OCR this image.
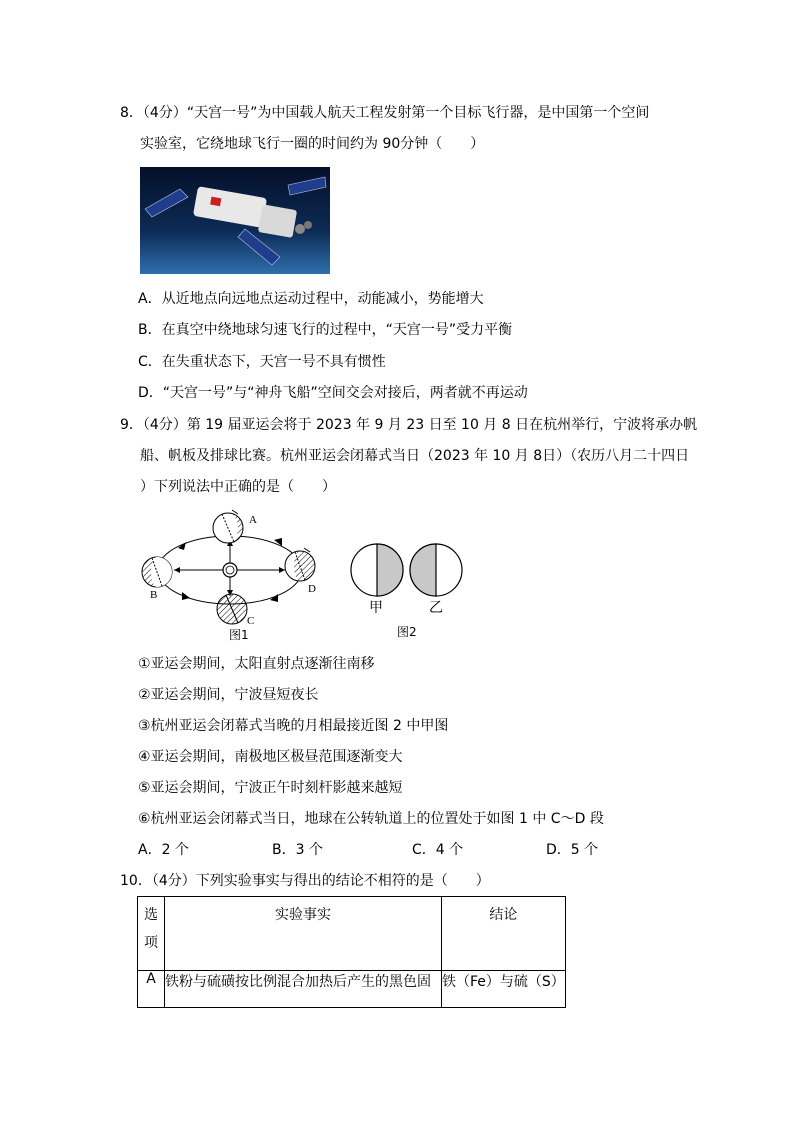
8．（4分）“天宫一号”为中国载人航天工程发射第一个目标飞行器，是中国第一个空间
实验室，它绕地球飞行一圈的时间约为 90分钟（　　）
A．从近地点向远地点运动过程中，动能减小，势能增大
B．在真空中绕地球匀速飞行的过程中，“天宫一号”受力平衡
C．在失重状态下，天宫一号不具有惯性
D．“天宫一号”与“神舟飞船”空间交会对接后，两者就不再运动
9．（4分）第 19 届亚运会将于 2023 年 9 月 23 日至 10 月 8 日在杭州举行，宁波将承办帆
船、帆板及排球比赛。杭州亚运会闭幕式当日（2023 年 10 月 8日）（农历八月二十四日
）下列说法中正确的是（　　）
A
B
C
D
图1
甲	乙
图2
①亚运会期间，太阳直射点逐渐往南移
②亚运会期间，宁波昼短夜长
③杭州亚运会闭幕式当晚的月相最接近图 2 中甲图
④亚运会期间，南极地区极昼范围逐渐变大
⑤亚运会期间，宁波正午时刻杆影越来越短
⑥杭州亚运会闭幕式当日，地球在公转轨道上的位置处于如图 1 中 C～D 段
A．2 个	B．3 个	C．4 个	D．5 个
10．（4分）下列实验事实与得出的结论不相符的是（　　）
选项	实验事实	结论
A	铁粉与硫磺按比例混合加热后产生的黑色固	铁（Fe）与硫（S）
